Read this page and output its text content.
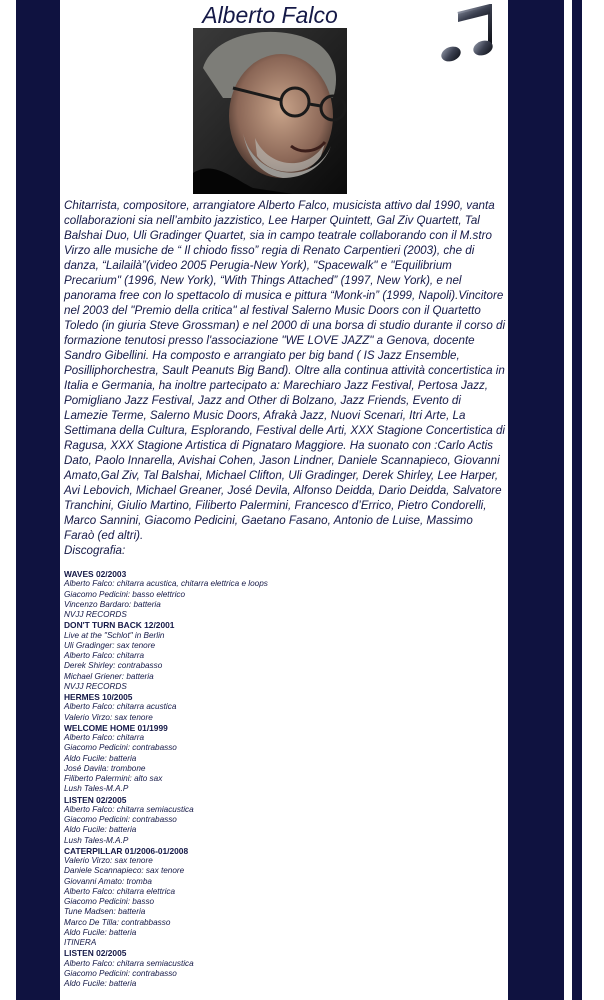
Alberto Falco

Chitarrista, compositore, arrangiatore Alberto Falco, musicista attivo dal 1990, vanta collaborazioni sia nell’ambito jazzistico, Lee Harper Quintett, Gal Ziv Quartett, Tal Balshai Duo, Uli Gradinger Quartet, sia in campo teatrale collaborando con il M.stro Virzo alle musiche de “ Il chiodo fisso” regia di Renato Carpentieri (2003), che di danza, “Lailailà”(video 2005 Perugia-New York), "Spacewalk" e "Equilibrium Precarium" (1996, New York), “With Things Attached” (1997, New York), e nel panorama free con lo spettacolo di musica e pittura “Monk-in” (1999, Napoli).Vincitore nel 2003 del "Premio della critica" al festival Salerno Music Doors con il Quartetto Toledo (in giuria Steve Grossman) e nel 2000 di una borsa di studio durante il corso di formazione tenutosi presso l'associazione "WE LOVE JAZZ" a Genova, docente Sandro Gibellini. Ha composto e arrangiato per big band ( IS Jazz Ensemble, Posilliphorchestra, Sault Peanuts Big Band). Oltre alla continua attività concertistica in Italia e Germania, ha inoltre partecipato a: Marechiaro Jazz Festival, Pertosa Jazz, Pomigliano Jazz Festival, Jazz and Other di Bolzano, Jazz Friends, Evento di Lamezie Terme, Salerno Music Doors, Afrakà Jazz, Nuovi Scenari, Itri Arte, La Settimana della Cultura, Esplorando, Festival delle Arti, XXX Stagione Concertistica di Ragusa, XXX Stagione Artistica di Pignataro Maggiore. Ha suonato con :Carlo Actis Dato, Paolo Innarella, Avishai Cohen, Jason Lindner, Daniele Scannapieco, Giovanni Amato,Gal Ziv, Tal Balshai, Michael Clifton, Uli Gradinger, Derek Shirley, Lee Harper, Avi Lebovich, Michael Greaner, José Devila, Alfonso Deidda, Dario Deidda, Salvatore Tranchini, Giulio Martino, Filiberto Palermini, Francesco d’Errico, Pietro Condorelli, Marco Sannini, Giacomo Pedicini, Gaetano Fasano, Antonio de Luise, Massimo Faraò (ed altri).

Discografia:

WAVES 02/2003
Alberto Falco: chitarra acustica, chitarra elettrica e loops
Giacomo Pedicini: basso elettrico
Vincenzo Bardaro: batteria
NVJJ RECORDS
DON'T TURN BACK 12/2001
Live at the "Schlot" in Berlin
Uli Gradinger: sax tenore
Alberto Falco: chitarra
Derek Shirley: contrabasso
Michael Griener: batteria
NVJJ RECORDS
HERMES 10/2005
Alberto Falco: chitarra acustica
Valerio Virzo: sax tenore
WELCOME HOME 01/1999
Alberto Falco: chitarra
Giacomo Pedicini: contrabasso
Aldo Fucile: batteria
José Davila: trombone
Filiberto Palermini: alto sax
Lush Tales-M.A.P
LISTEN 02/2005
Alberto Falco: chitarra semiacustica
Giacomo Pedicini: contrabasso
Aldo Fucile: batteria
Lush Tales-M.A.P
CATERPILLAR 01/2006-01/2008
Valerio Virzo: sax tenore
Daniele Scannapieco: sax tenore
Giovanni Amato: tromba
Alberto Falco: chitarra elettrica
Giacomo Pedicini: basso
Tune Madsen: batteria
Marco De Tilla: contrabbasso
Aldo Fucile: batteria
ITINERA
LISTEN 02/2005
Alberto Falco: chitarra semiacustica
Giacomo Pedicini: contrabasso
Aldo Fucile: batteria
